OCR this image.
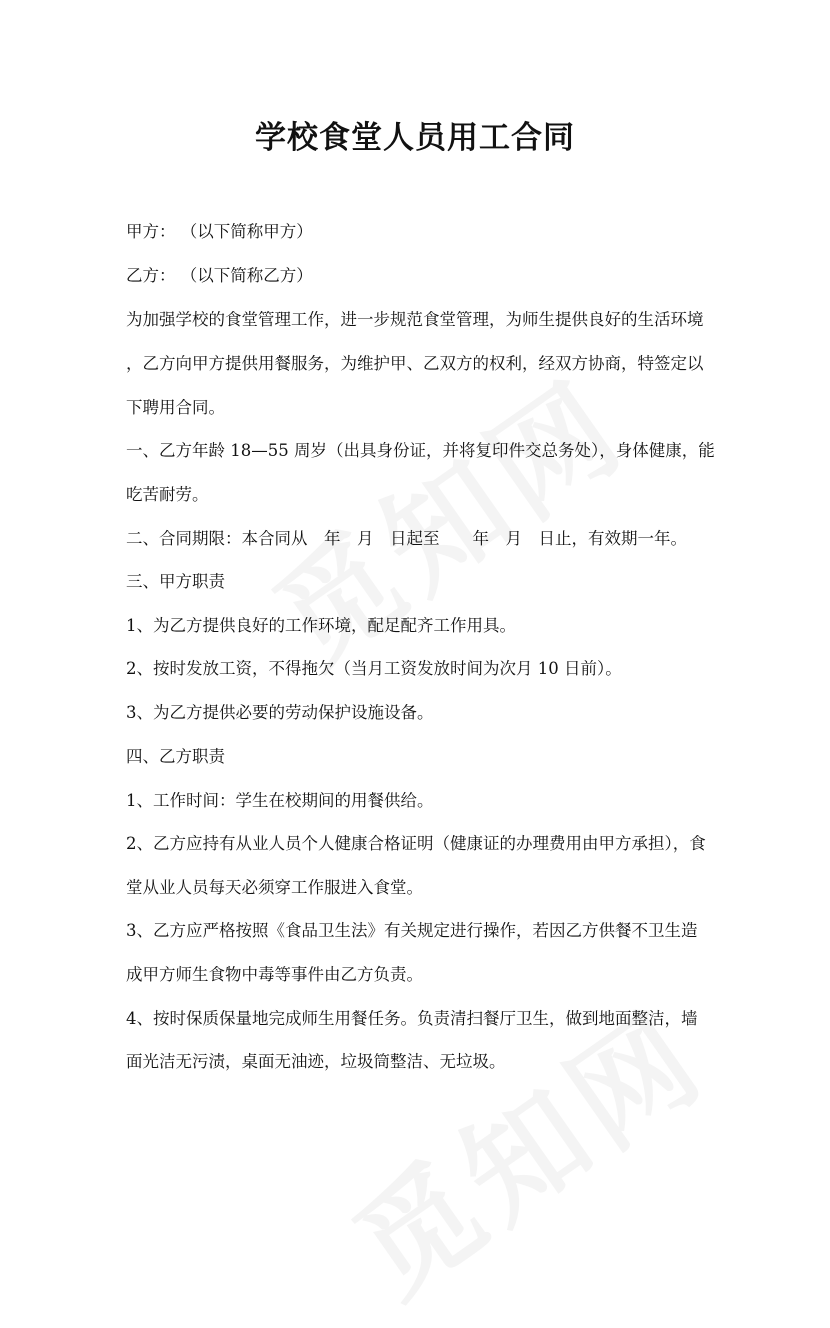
学校食堂人员用工合同
甲方： （以下简称甲方）
乙方： （以下简称乙方）
为加强学校的食堂管理工作，进一步规范食堂管理，为师生提供良好的生活环境
，乙方向甲方提供用餐服务，为维护甲、乙双方的权利，经双方协商，特签定以
下聘用合同。
一、乙方年龄 18—55 周岁（出具身份证，并将复印件交总务处），身体健康，能
吃苦耐劳。
二、合同期限：本合同从　年　月　日起至　　年　月　日止，有效期一年。
三、甲方职责
1、为乙方提供良好的工作环境，配足配齐工作用具。
2、按时发放工资，不得拖欠（当月工资发放时间为次月 10 日前）。
3、为乙方提供必要的劳动保护设施设备。
四、乙方职责
1、工作时间：学生在校期间的用餐供给。
2、乙方应持有从业人员个人健康合格证明（健康证的办理费用由甲方承担），食
堂从业人员每天必须穿工作服进入食堂。
3、乙方应严格按照《食品卫生法》有关规定进行操作，若因乙方供餐不卫生造
成甲方师生食物中毒等事件由乙方负责。
4、按时保质保量地完成师生用餐任务。负责清扫餐厅卫生，做到地面整洁，墙
面光洁无污渍，桌面无油迹，垃圾筒整洁、无垃圾。
